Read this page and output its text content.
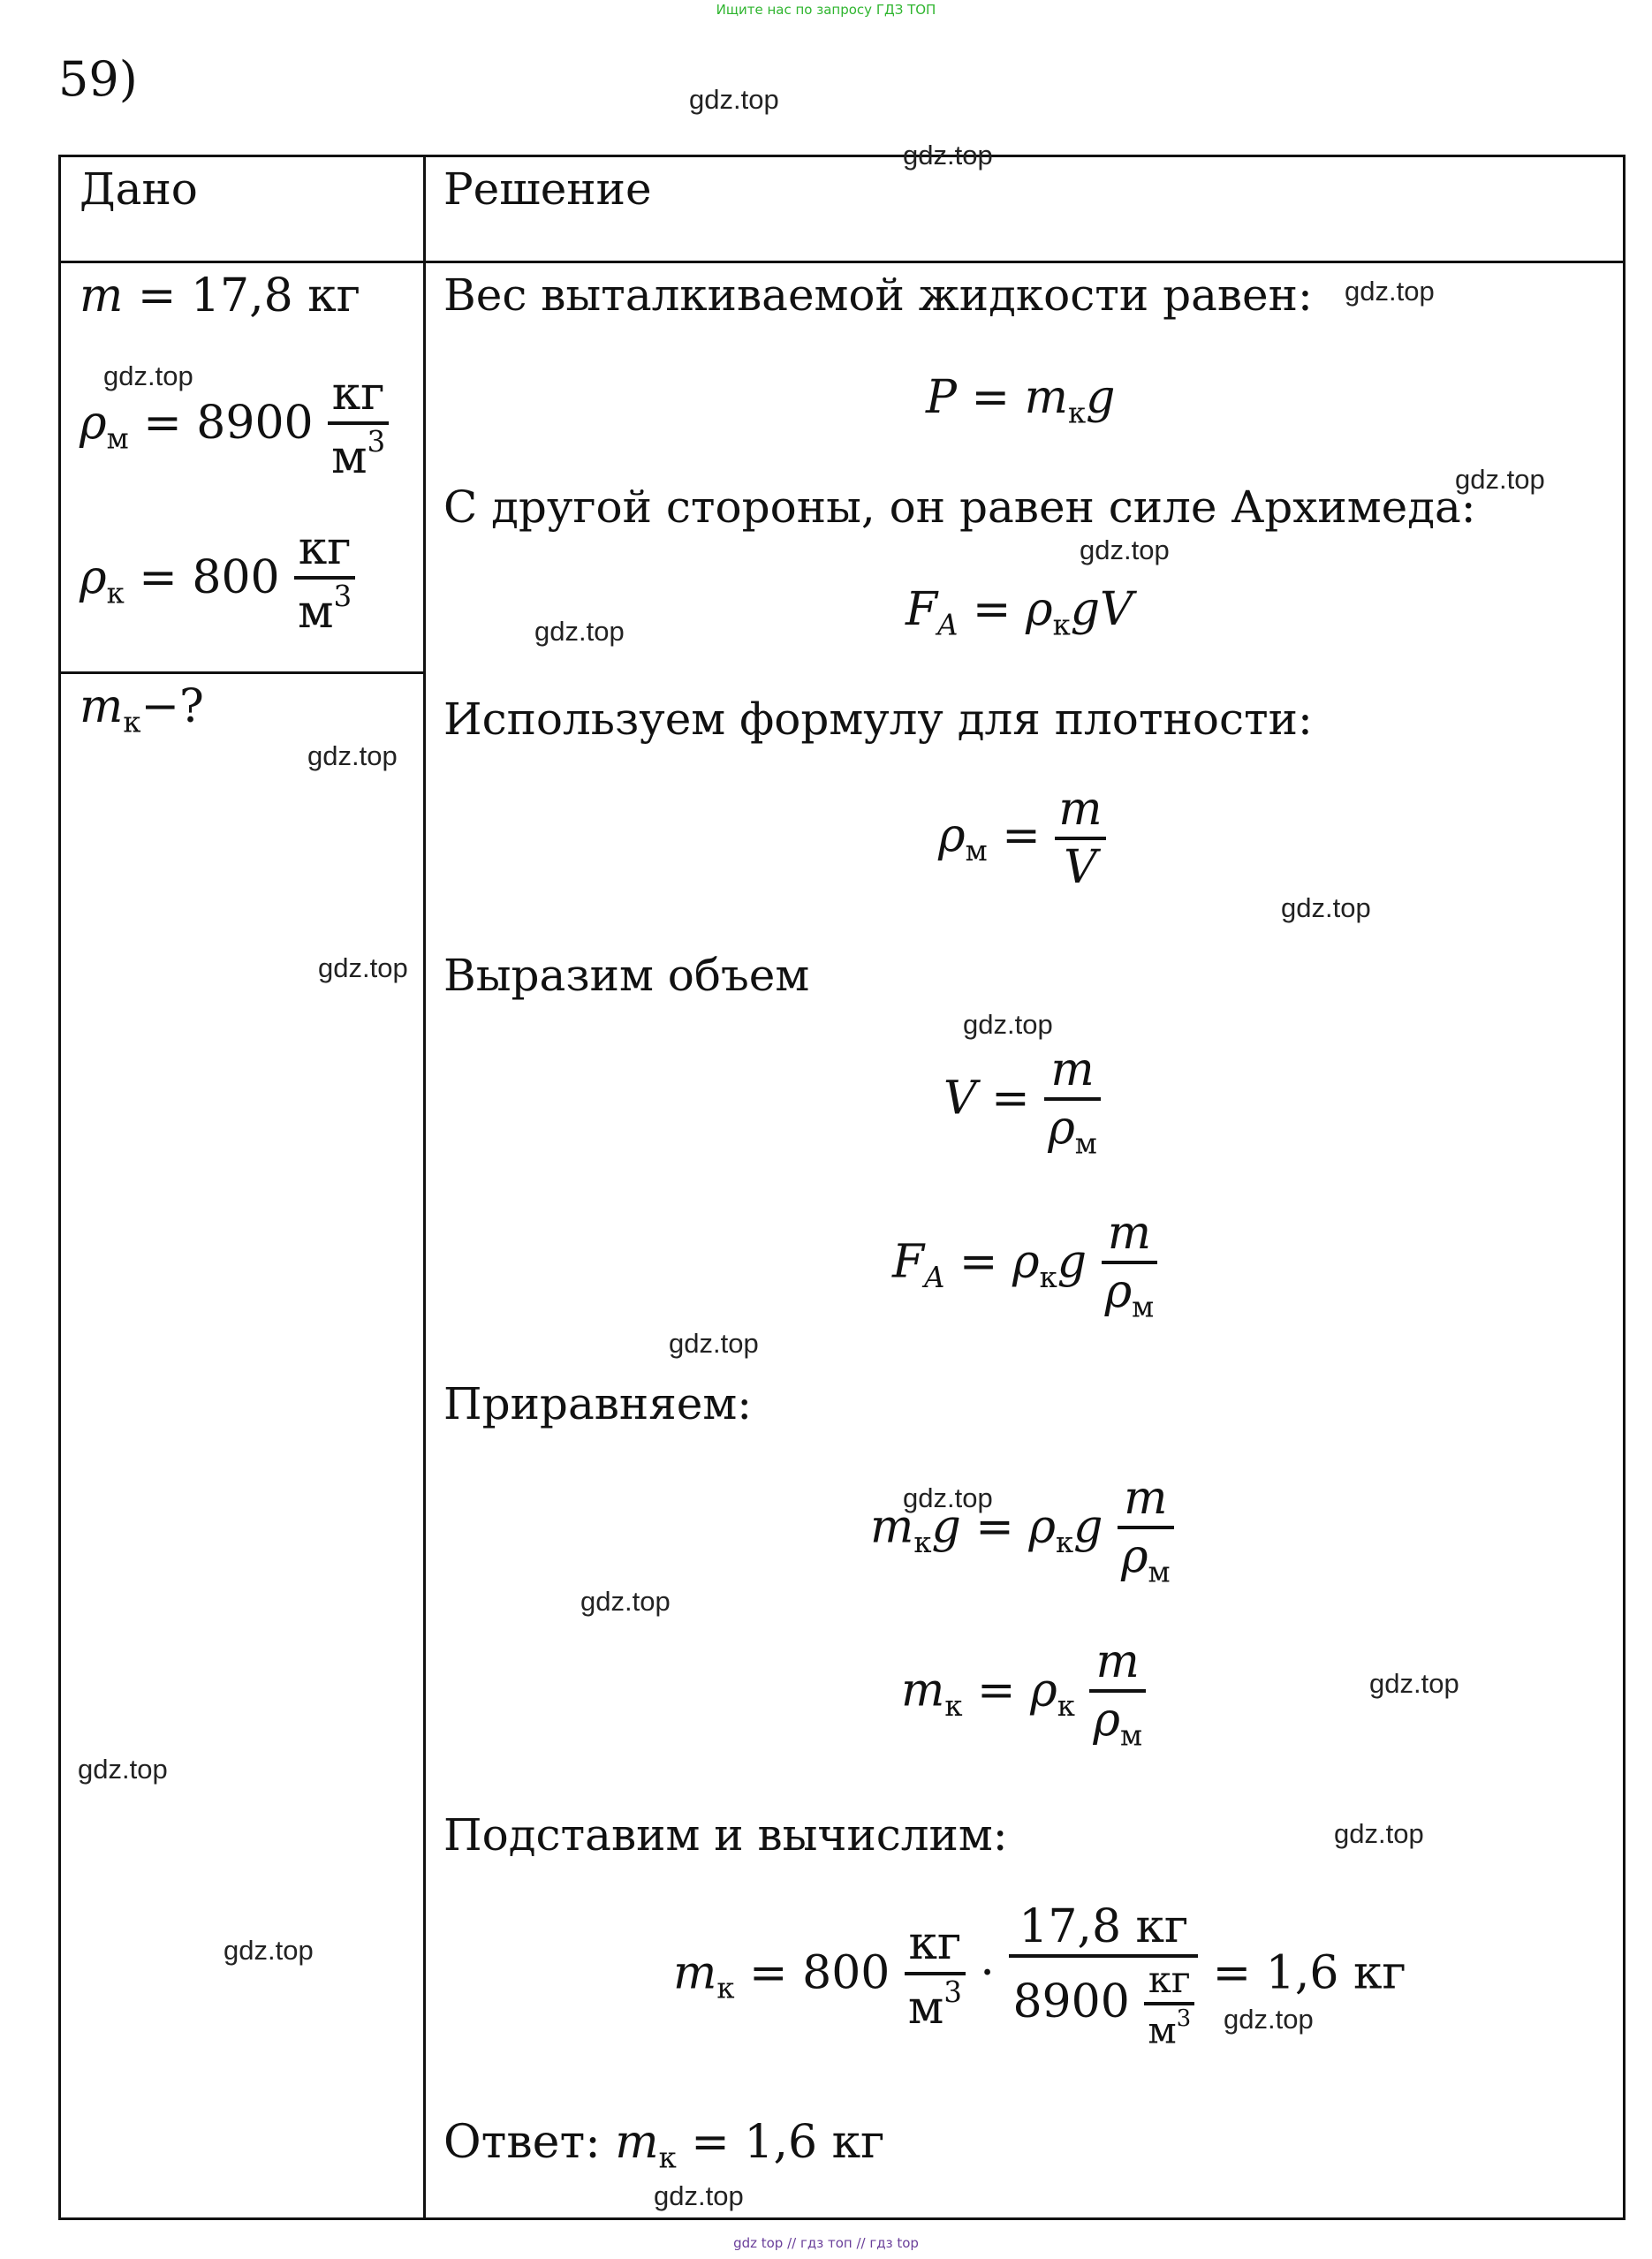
Ищите нас по запросу ГДЗ ТОП
59)
Дано	Решение
m = 17,8 кг
$\rho_м = 8900 \frac{кг}{м^3}$
$\rho_к = 800 \frac{кг}{м^3}$
$m_к-$?
Вес выталкиваемой жидкости равен:
$P = m_кg$
С другой стороны, он равен силе Архимеда:
$F_A = \rho_кgV$
Используем формулу для плотности:
$\rho_м = \frac{m}{V}$
Выразим объем
$V = \frac{m}{\rho_м}$
$F_A = \rho_кg \frac{m}{\rho_м}$
Приравняем:
$m_кg = \rho_кg \frac{m}{\rho_м}$
$m_к = \rho_к \frac{m}{\rho_м}$
Подставим и вычислим:
$m_к = 800 \frac{кг}{м^3} \cdot \frac{17,8 кг}{8900 \frac{кг}{м^3}} = 1,6$ кг
Ответ: $m_к = 1,6$ кг
gdz.top
gdz.top
gdz.top
gdz.top
gdz.top
gdz.top
gdz.top
gdz.top
gdz.top
gdz.top
gdz.top
gdz.top
gdz.top
gdz.top
gdz.top
gdz.top
gdz.top
gdz.top
gdz.top
gdz.top
gdz top // гдз топ // гдз top
